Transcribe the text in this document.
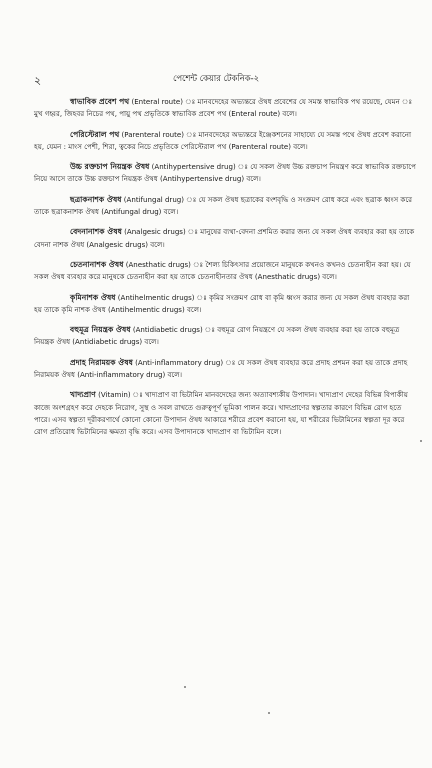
২	পেশেন্ট কেয়ার টেকনিক-২

স্বাভাবিক প্রবেশ পথ (Enteral route) ঃ মানবদেহের অভ্যন্তরে ঔষধ প্রবেশের যে সমস্ত স্বাভাবিক পথ রয়েছে, যেমন ঃ মুখ গহ্বর, জিহবর নিচের পথ, পায়ু পথ প্রভৃতিকে স্বাভাবিক প্রবেশ পথ (Enteral route) বলে।

পেরিস্টেরাল পথ (Parenteral route) ঃ মানবদেহের অভ্যন্তরে ইঞ্জেকশনের সাহায্যে যে সমস্ত পথে ঔষধ প্রবেশ করানো হয়, যেমন : মাংস পেশী, শিরা, ত্বকের নিচে প্রভৃতিকে পেরিস্টেরাল পথ (Parenteral route) বলে।

উচ্চ রক্তচাপ নিয়ন্ত্রক ঔষধ (Antihypertensive drug) ঃ যে সকল ঔষধ উচ্চ রক্তচাপ নিয়ন্ত্রণ করে স্বাভাবিক রক্তচাপে নিয়ে আসে তাকে উচ্চ রক্তচাপ নিয়ন্ত্রক ঔষধ (Antihypertensive drug) বলে।

ছত্রাকনাশক ঔষধ (Antifungal drug) ঃ যে সকল ঔষধ ছত্রাকের বংশবৃদ্ধি ও সংক্রমণ রোধ করে এবং ছত্রাক ধ্বংস করে তাকে ছত্রাকনাশক ঔষধ (Antifungal drug) বলে।

বেদনানাশক ঔষধ (Analgesic drugs) ঃ মানুষের ব্যথা-বেদনা প্রশমিত করার জন্য যে সকল ঔষধ ব্যবহার করা হয় তাকে বেদনা নাশক ঔষধ (Analgesic drugs) বলে।

চেতনানাশক ঔষধ (Anesthatic drugs) ঃ শৈল্য চিকিৎসার প্রয়োজনে মানুষকে কখনও কখনও চেতনাহীন করা হয়। যে সকল ঔষধ ব্যবহার করে মানুষকে চেতনাহীন করা হয় তাকে চেতনাহীনতার ঔষধ (Anesthatic drugs) বলে।

কৃমিনাশক ঔষধ (Antihelmentic drugs) ঃ কৃমির সংক্রমণ রোধ বা কৃমি ধ্বংস করার জন্য যে সকল ঔষধ ব্যবহার করা হয় তাকে কৃমি নাশক ঔষধ (Antihelmentic drugs) বলে।

বহুমূত্র নিয়ন্ত্রক ঔষধ (Antidiabetic drugs) ঃ বহুমূত্র রোগ নিয়ন্ত্রণে যে সকল ঔষধ ব্যবহার করা হয় তাকে বহুমূত্র নিয়ন্ত্রক ঔষধ (Antidiabetic drugs) বলে।

প্রদাহ নিরাময়ক ঔষধ (Anti-inflammatory drug) ঃ যে সকল ঔষধ ব্যবহার করে প্রদাহ প্রশমন করা হয় তাকে প্রদাহ নিরাময়ক ঔষধ (Anti-inflammatory drug) বলে।

খাদ্যপ্রাণ (Vitamin) ঃ খাদ্যপ্রাণ বা ভিটামিন মানবদেহের জন্য অত্যাবশ্যকীয় উপাদান। খাদ্যপ্রাণ দেহের বিভিন্ন বিপাকীয় কাজে অংশগ্রহণ করে দেহকে নিরোগ, সুস্থ ও সবল রাখতে গুরুত্বপূর্ণ ভূমিকা পালন করে। খাদ্যপ্রাণের স্বল্পতার কারণে বিভিন্ন রোগ হতে পারে। এসব স্বল্পতা দূরীকরণার্থে কোনো কোনো উপাদান ঔষধ আকারে শরীরে প্রবেশ করানো হয়, যা শরীরের ভিটামিনের স্বল্পতা দূর করে রোগ প্রতিরোধ ভিটামিনের ক্ষমতা বৃদ্ধি করে। এসব উপাদানকে খাদ্যপ্রাণ বা ভিটামিন বলে।
